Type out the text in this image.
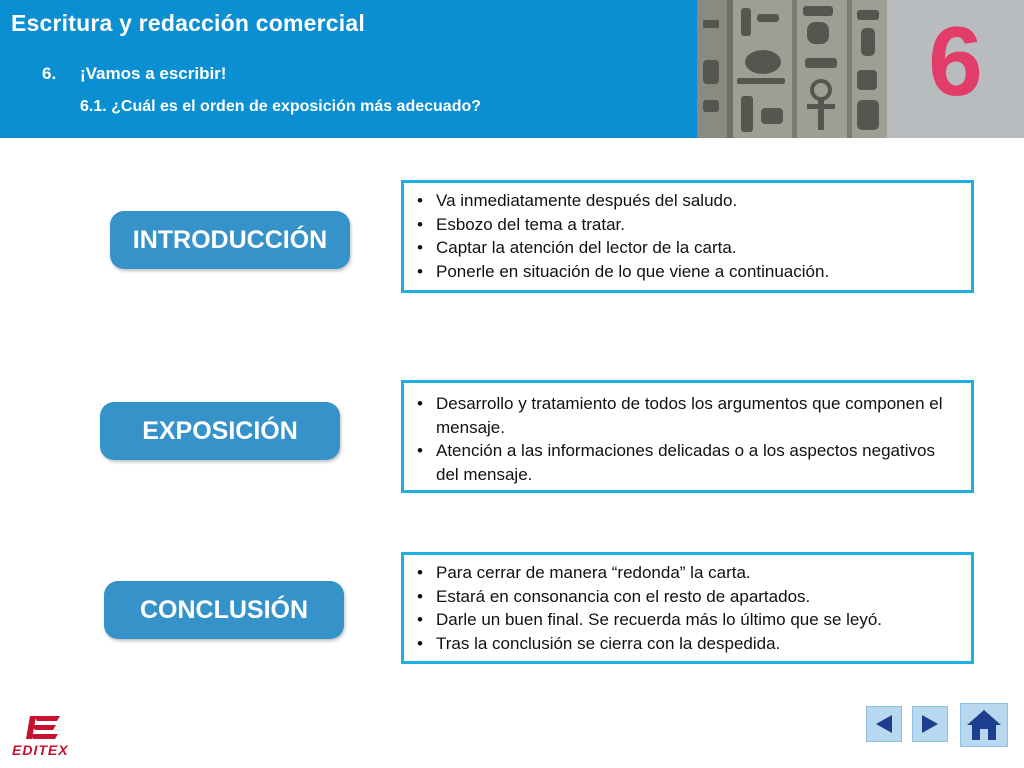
Escritura y redacción comercial
6. ¡Vamos a escribir!
6.1. ¿Cuál es el orden de exposición más adecuado?	6
INTRODUCCIÓN
EXPOSICIÓN
CONCLUSIÓN
• Va inmediatamente después del saludo.
• Esbozo del tema a tratar.
• Captar la atención del lector de la carta.
• Ponerle en situación de lo que viene a continuación.
• Desarrollo y tratamiento de todos los argumentos que componen el mensaje.
• Atención a las informaciones delicadas o a los aspectos negativos del mensaje.
• Para cerrar de manera “redonda” la carta.
• Estará en consonancia con el resto de apartados.
• Darle un buen final. Se recuerda más lo último que se leyó.
• Tras la conclusión se cierra con la despedida.
EDITEX
